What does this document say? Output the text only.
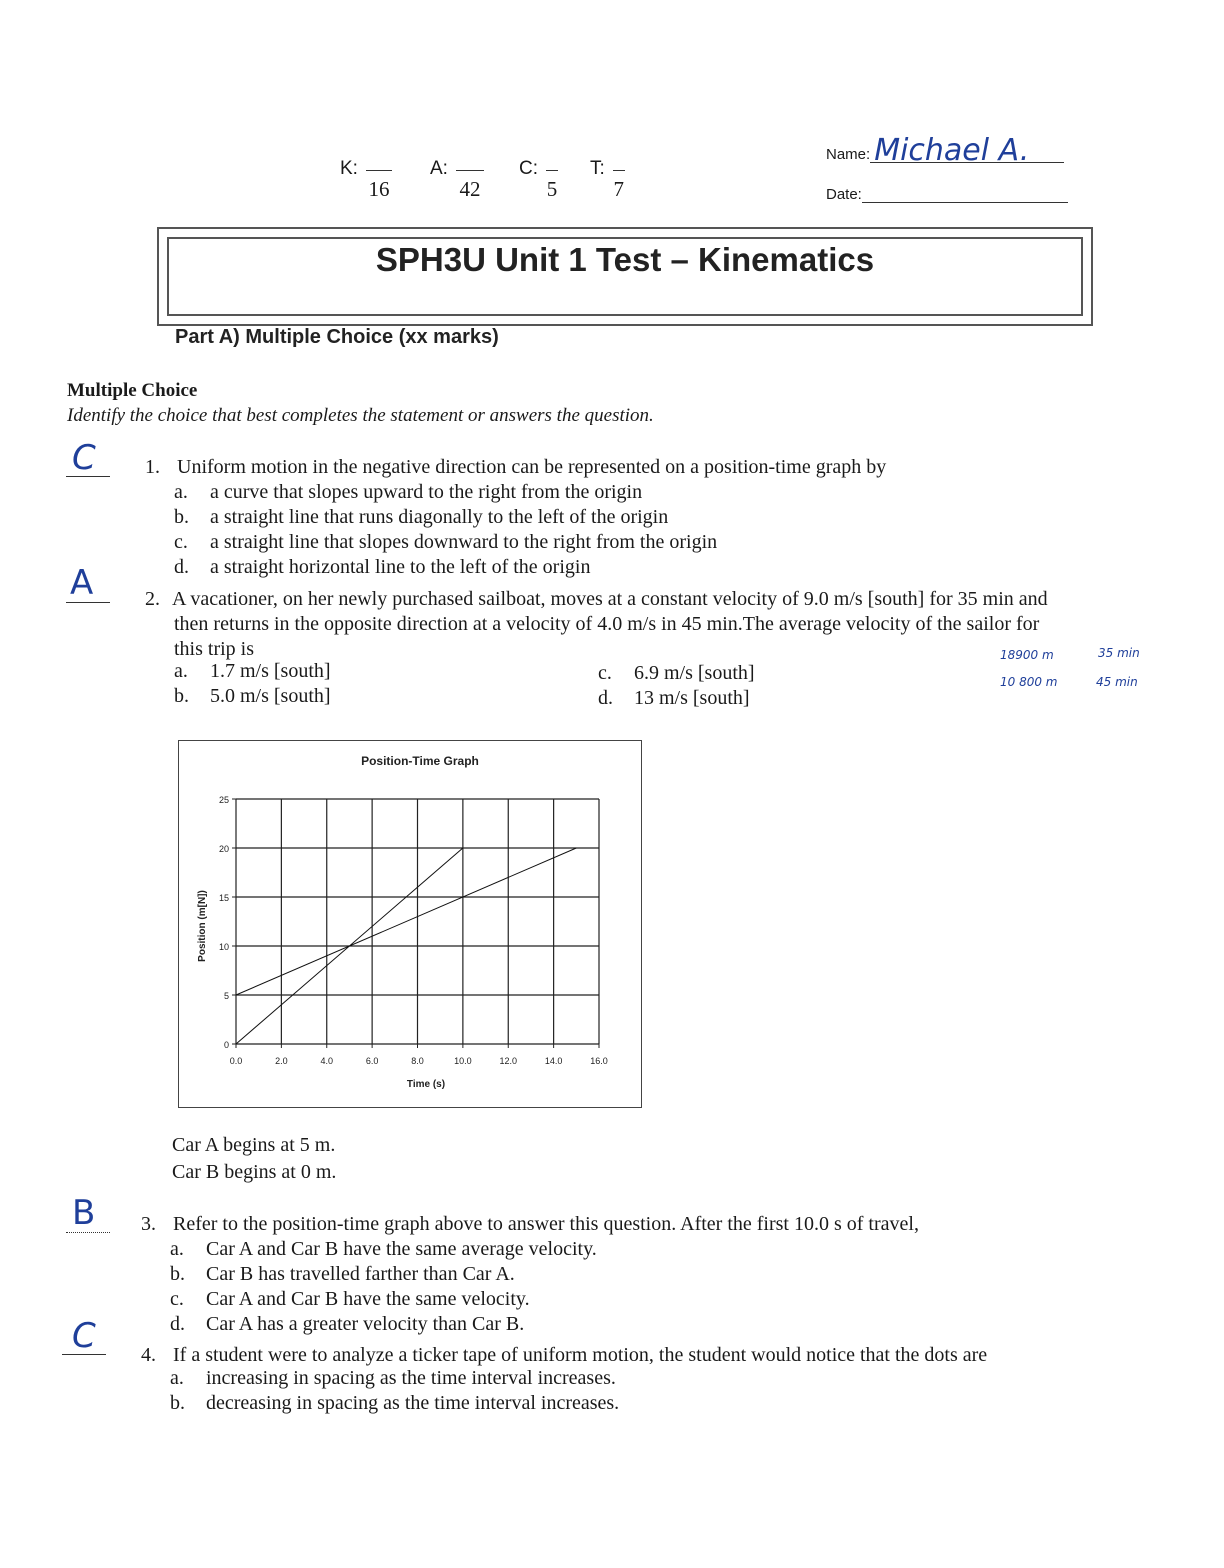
K:
16
A:
42
C:
5
T:
7
Name: Michael A.
Date:
SPH3U Unit 1 Test – Kinematics
Part A) Multiple Choice (xx marks)
Multiple Choice
Identify the choice that best completes the statement or answers the question.
C	1. Uniform motion in the negative direction can be represented on a position-time graph by
a. a curve that slopes upward to the right from the origin
b. a straight line that runs diagonally to the left of the origin
c. a straight line that slopes downward to the right from the origin
d. a straight horizontal line to the left of the origin
A	2. A vacationer, on her newly purchased sailboat, moves at a constant velocity of 9.0 m/s [south] for 35 min and
then returns in the opposite direction at a velocity of 4.0 m/s in 45 min.The average velocity of the sailor for
this trip is
a. 1.7 m/s [south]
b. 5.0 m/s [south]
c. 6.9 m/s [south]
d. 13 m/s [south]
18900 m	35 min
10 800 m	45 min
Position-Time Graph
0.0	2.0	4.0	6.0	8.0	10.0	12.0	14.0	16.0
0
5
10
15
20
25
Time (s)
Position (m[N])
Car A begins at 5 m.
Car B begins at 0 m.
B	3. Refer to the position-time graph above to answer this question. After the first 10.0 s of travel,
a. Car A and Car B have the same average velocity.
b. Car B has travelled farther than Car A.
c. Car A and Car B have the same velocity.
d. Car A has a greater velocity than Car B.
C	4. If a student were to analyze a ticker tape of uniform motion, the student would notice that the dots are
a. increasing in spacing as the time interval increases.
b. decreasing in spacing as the time interval increases.
